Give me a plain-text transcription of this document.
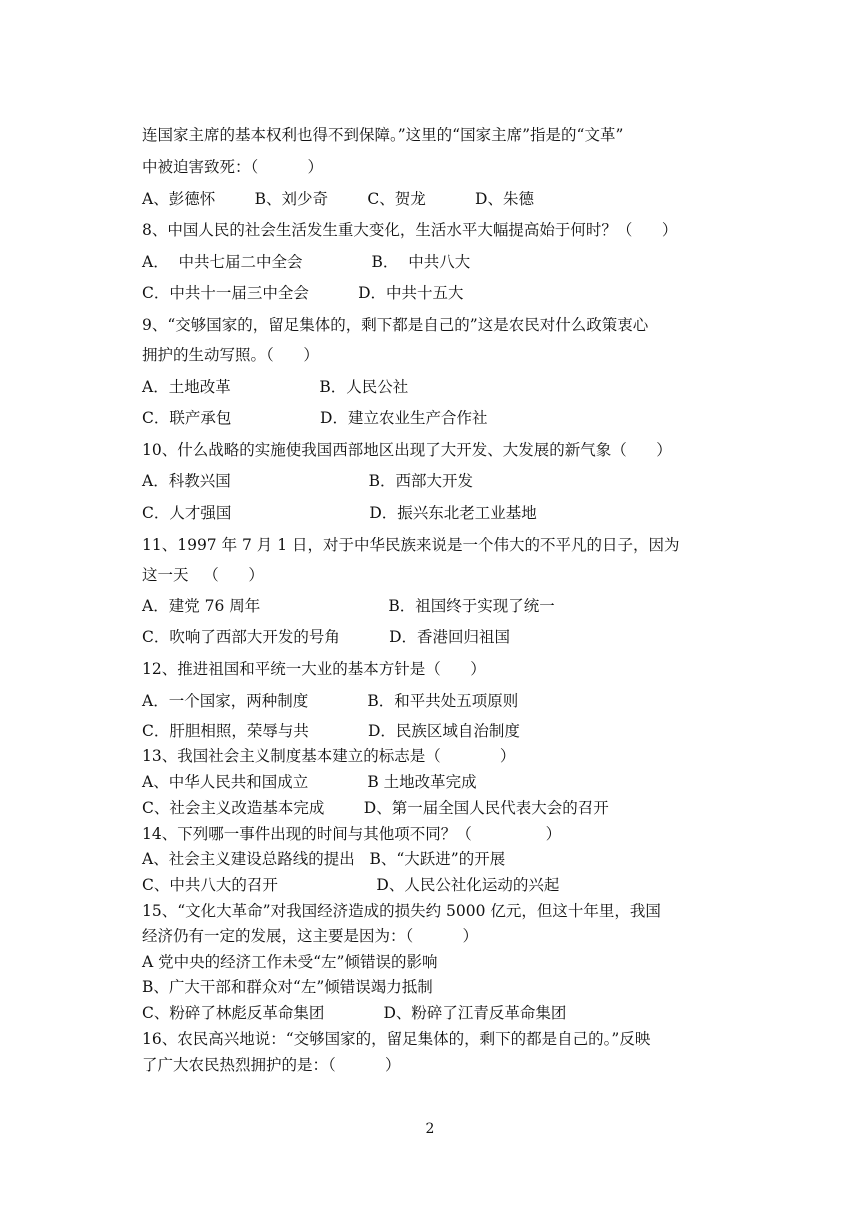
连国家主席的基本权利也得不到保障。”这里的“国家主席”指是的“文革”
中被迫害致死：（          ）
A、彭德怀        B、刘少奇        C、贺龙          D、朱德
8、中国人民的社会生活发生重大变化，生活水平大幅提高始于何时？（      ）
A．  中共七届二中全会              B．  中共八大
C．中共十一届三中全会          D．中共十五大
9、“交够国家的，留足集体的，剩下都是自己的”这是农民对什么政策衷心
拥护的生动写照。（      ）
A．土地改革                  B．人民公社
C．联产承包                  D．建立农业生产合作社
10、什么战略的实施使我国西部地区出现了大开发、大发展的新气象（      ）
A．科教兴国                            B．西部大开发
C．人才强国                            D．振兴东北老工业基地
11、1997 年 7 月 1 日，对于中华民族来说是一个伟大的不平凡的日子，因为
这一天   （      ）
A．建党 76 周年                          B．祖国终于实现了统一
C．吹响了西部大开发的号角          D．香港回归祖国
12、推进祖国和平统一大业的基本方针是（      ）
A．一个国家，两种制度            B．和平共处五项原则
C．肝胆相照，荣辱与共            D．民族区域自治制度
13、我国社会主义制度基本建立的标志是（            ）
A、中华人民共和国成立            B 土地改革完成
C、社会主义改造基本完成        D、第一届全国人民代表大会的召开
14、下列哪一事件出现的时间与其他项不同？（               ）
A、社会主义建设总路线的提出   B、“大跃进”的开展
C、中共八大的召开                    D、人民公社化运动的兴起
15、“文化大革命”对我国经济造成的损失约 5000 亿元，但这十年里，我国
经济仍有一定的发展，这主要是因为：（          ）
A 党中央的经济工作未受“左”倾错误的影响
B、广大干部和群众对“左”倾错误竭力抵制
C、粉碎了林彪反革命集团            D、粉碎了江青反革命集团
16、农民高兴地说：“交够国家的，留足集体的，剩下的都是自己的。”反映
了广大农民热烈拥护的是：（          ）
2
